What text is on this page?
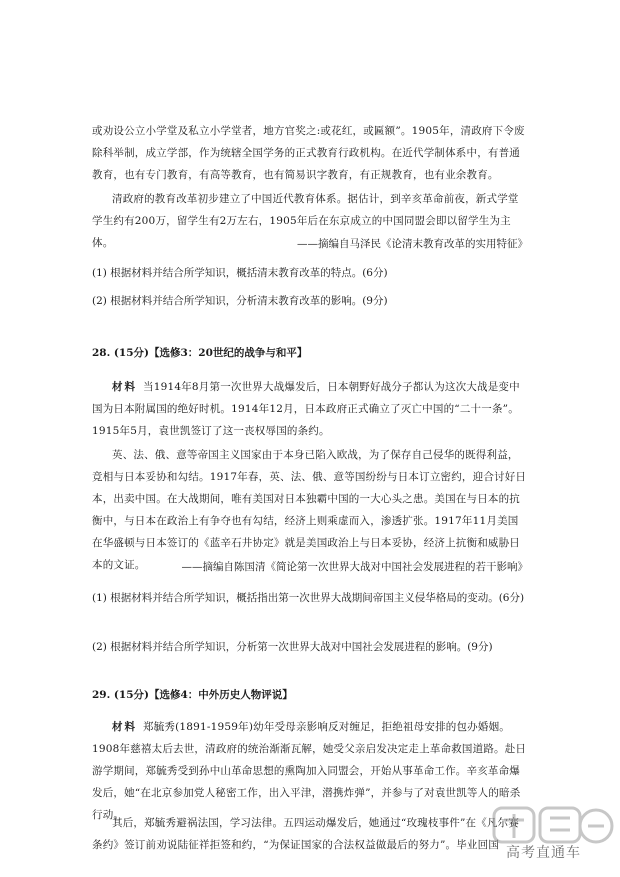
或劝设公立小学堂及私立小学堂者，地方官奖之:或花红，或匾额”。1905年，清政府下令废除科举制，成立学部，作为统辖全国学务的正式教育行政机构。在近代学制体系中，有普通教育，也有专门教育，有高等教育，也有简易识字教育，有正规教育，也有业余教育。

清政府的教育改革初步建立了中国近代教育体系。据估计，到辛亥革命前夜，新式学堂学生约有200万，留学生有2万左右，1905年后在东京成立的中国同盟会即以留学生为主体。	——摘编自马泽民《论清末教育改革的实用特征》

(1) 根据材料并结合所学知识，概括清末教育改革的特点。(6分)

(2) 根据材料并结合所学知识，分析清末教育改革的影响。(9分)

28. (15分)【选修3：20世纪的战争与和平】

材料 当1914年8月第一次世界大战爆发后，日本朝野好战分子都认为这次大战是变中国为日本附属国的绝好时机。1914年12月，日本政府正式确立了灭亡中国的“二十一条”。1915年5月，袁世凯签订了这一丧权辱国的条约。

英、法、俄、意等帝国主义国家由于本身已陷入欧战，为了保存自己侵华的既得利益，竞相与日本妥协和勾结。1917年春，英、法、俄、意等国纷纷与日本订立密约，迎合讨好日本，出卖中国。在大战期间，唯有美国对日本独霸中国的一大心头之患。美国在与日本的抗衡中，与日本在政治上有争夺也有勾结，经济上则乘虚而入，渗透扩张。1917年11月美国在华盛顿与日本签订的《蓝辛石井协定》就是美国政治上与日本妥协，经济上抗衡和威胁日本的文证。	——摘编自陈国清《简论第一次世界大战对中国社会发展进程的若干影响》

(1) 根据材料并结合所学知识，概括指出第一次世界大战期间帝国主义侵华格局的变动。(6分)

(2) 根据材料并结合所学知识，分析第一次世界大战对中国社会发展进程的影响。(9分)

29. (15分)【选修4：中外历史人物评说】

材料 郑毓秀(1891-1959年)幼年受母亲影响反对缠足，拒绝祖母安排的包办婚姻。1908年慈禧太后去世，清政府的统治渐渐瓦解，她受父亲启发决定走上革命救国道路。赴日游学期间，郑毓秀受到孙中山革命思想的熏陶加入同盟会，开始从事革命工作。辛亥革命爆发后，她“在北京参加党人秘密工作，出入平津，潜携炸弹”，并参与了对袁世凯等人的暗杀行动。

其后，郑毓秀避祸法国，学习法律。五四运动爆发后，她通过“玫瑰枝事件”在《凡尔赛条约》签订前劝说陆征祥拒签和约，“为保证国家的合法权益做最后的努力”。毕业回国 高考直通车
